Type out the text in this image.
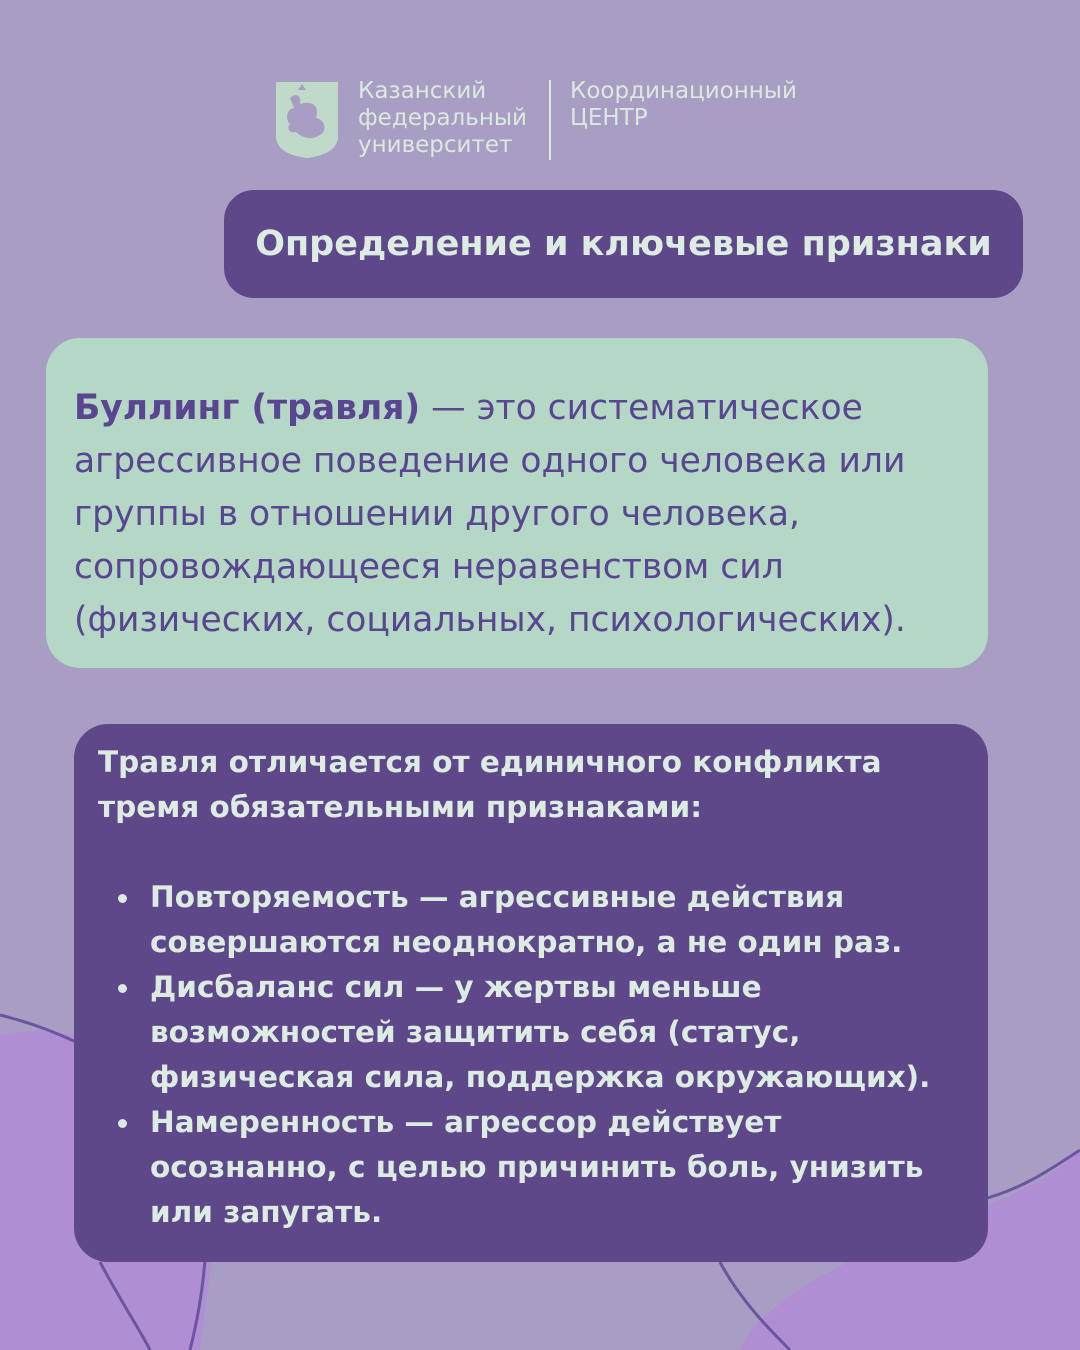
Казанский
федеральный
университет
Координационный
ЦЕНТР
Определение и ключевые признаки

Буллинг (травля) — это систематическое агрессивное поведение одного человека или группы в отношении другого человека, сопровождающееся неравенством сил (физических, социальных, психологических).

Травля отличается от единичного конфликта тремя обязательными признаками:

Повторяемость — агрессивные действия совершаются неоднократно, а не один раз.
Дисбаланс сил — у жертвы меньше возможностей защитить себя (статус, физическая сила, поддержка окружающих).
Намеренность — агрессор действует осознанно, с целью причинить боль, унизить или запугать.
